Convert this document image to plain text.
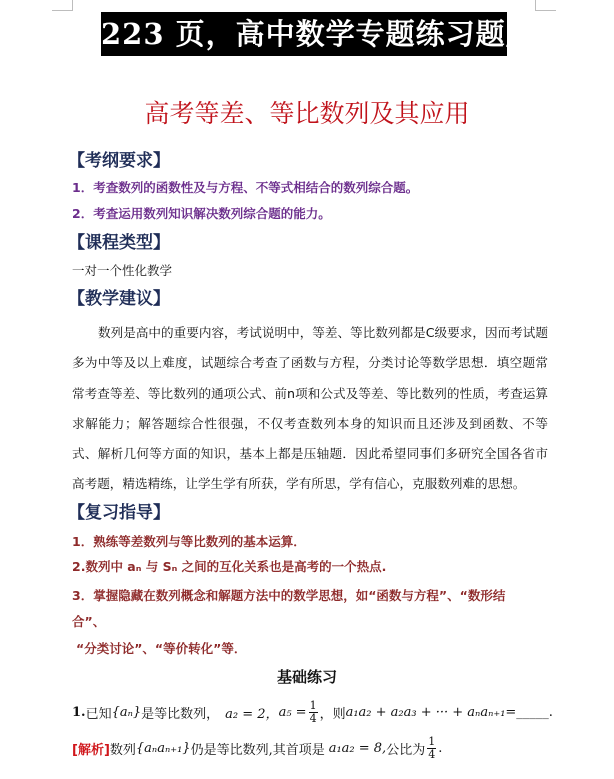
223 页，高中数学专题练习题库
高考等差、等比数列及其应用
【考纲要求】
1．考查数列的函数性及与方程、不等式相结合的数列综合题。
2．考查运用数列知识解决数列综合题的能力。
【课程类型】
一对一个性化教学
【教学建议】
数列是高中的重要内容，考试说明中，等差、等比数列都是C级要求，因而考试题多为中等及以上难度，试题综合考查了函数与方程，分类讨论等数学思想．填空题常常考查等差、等比数列的通项公式、前n项和公式及等差、等比数列的性质，考查运算求解能力；解答题综合性很强，不仅考查数列本身的知识而且还涉及到函数、不等式、解析几何等方面的知识，基本上都是压轴题．因此希望同事们多研究全国各省市高考题，精选精练，让学生学有所获，学有所思，学有信心，克服数列难的思想。
【复习指导】
1．熟练等差数列与等比数列的基本运算．
2.数列中 aₙ 与 Sₙ 之间的互化关系也是高考的一个热点.
3．掌握隐藏在数列概念和解题方法中的数学思想，如“函数与方程”、“数形结
合”、
“分类讨论”、“等价转化”等．
基础练习
1. 已知 {aₙ} 是等比数列， a₂ = 2， $a_5 = \frac{1}{4}$ ，则 a₁a₂ + a₂a₃ + ··· + aₙaₙ₊₁ =_____.
[解析] 数列 {aₙaₙ₊₁} 仍是等比数列,其首项是 a₁a₂ = 8, 公比为 $\frac{1}{4}$ .
